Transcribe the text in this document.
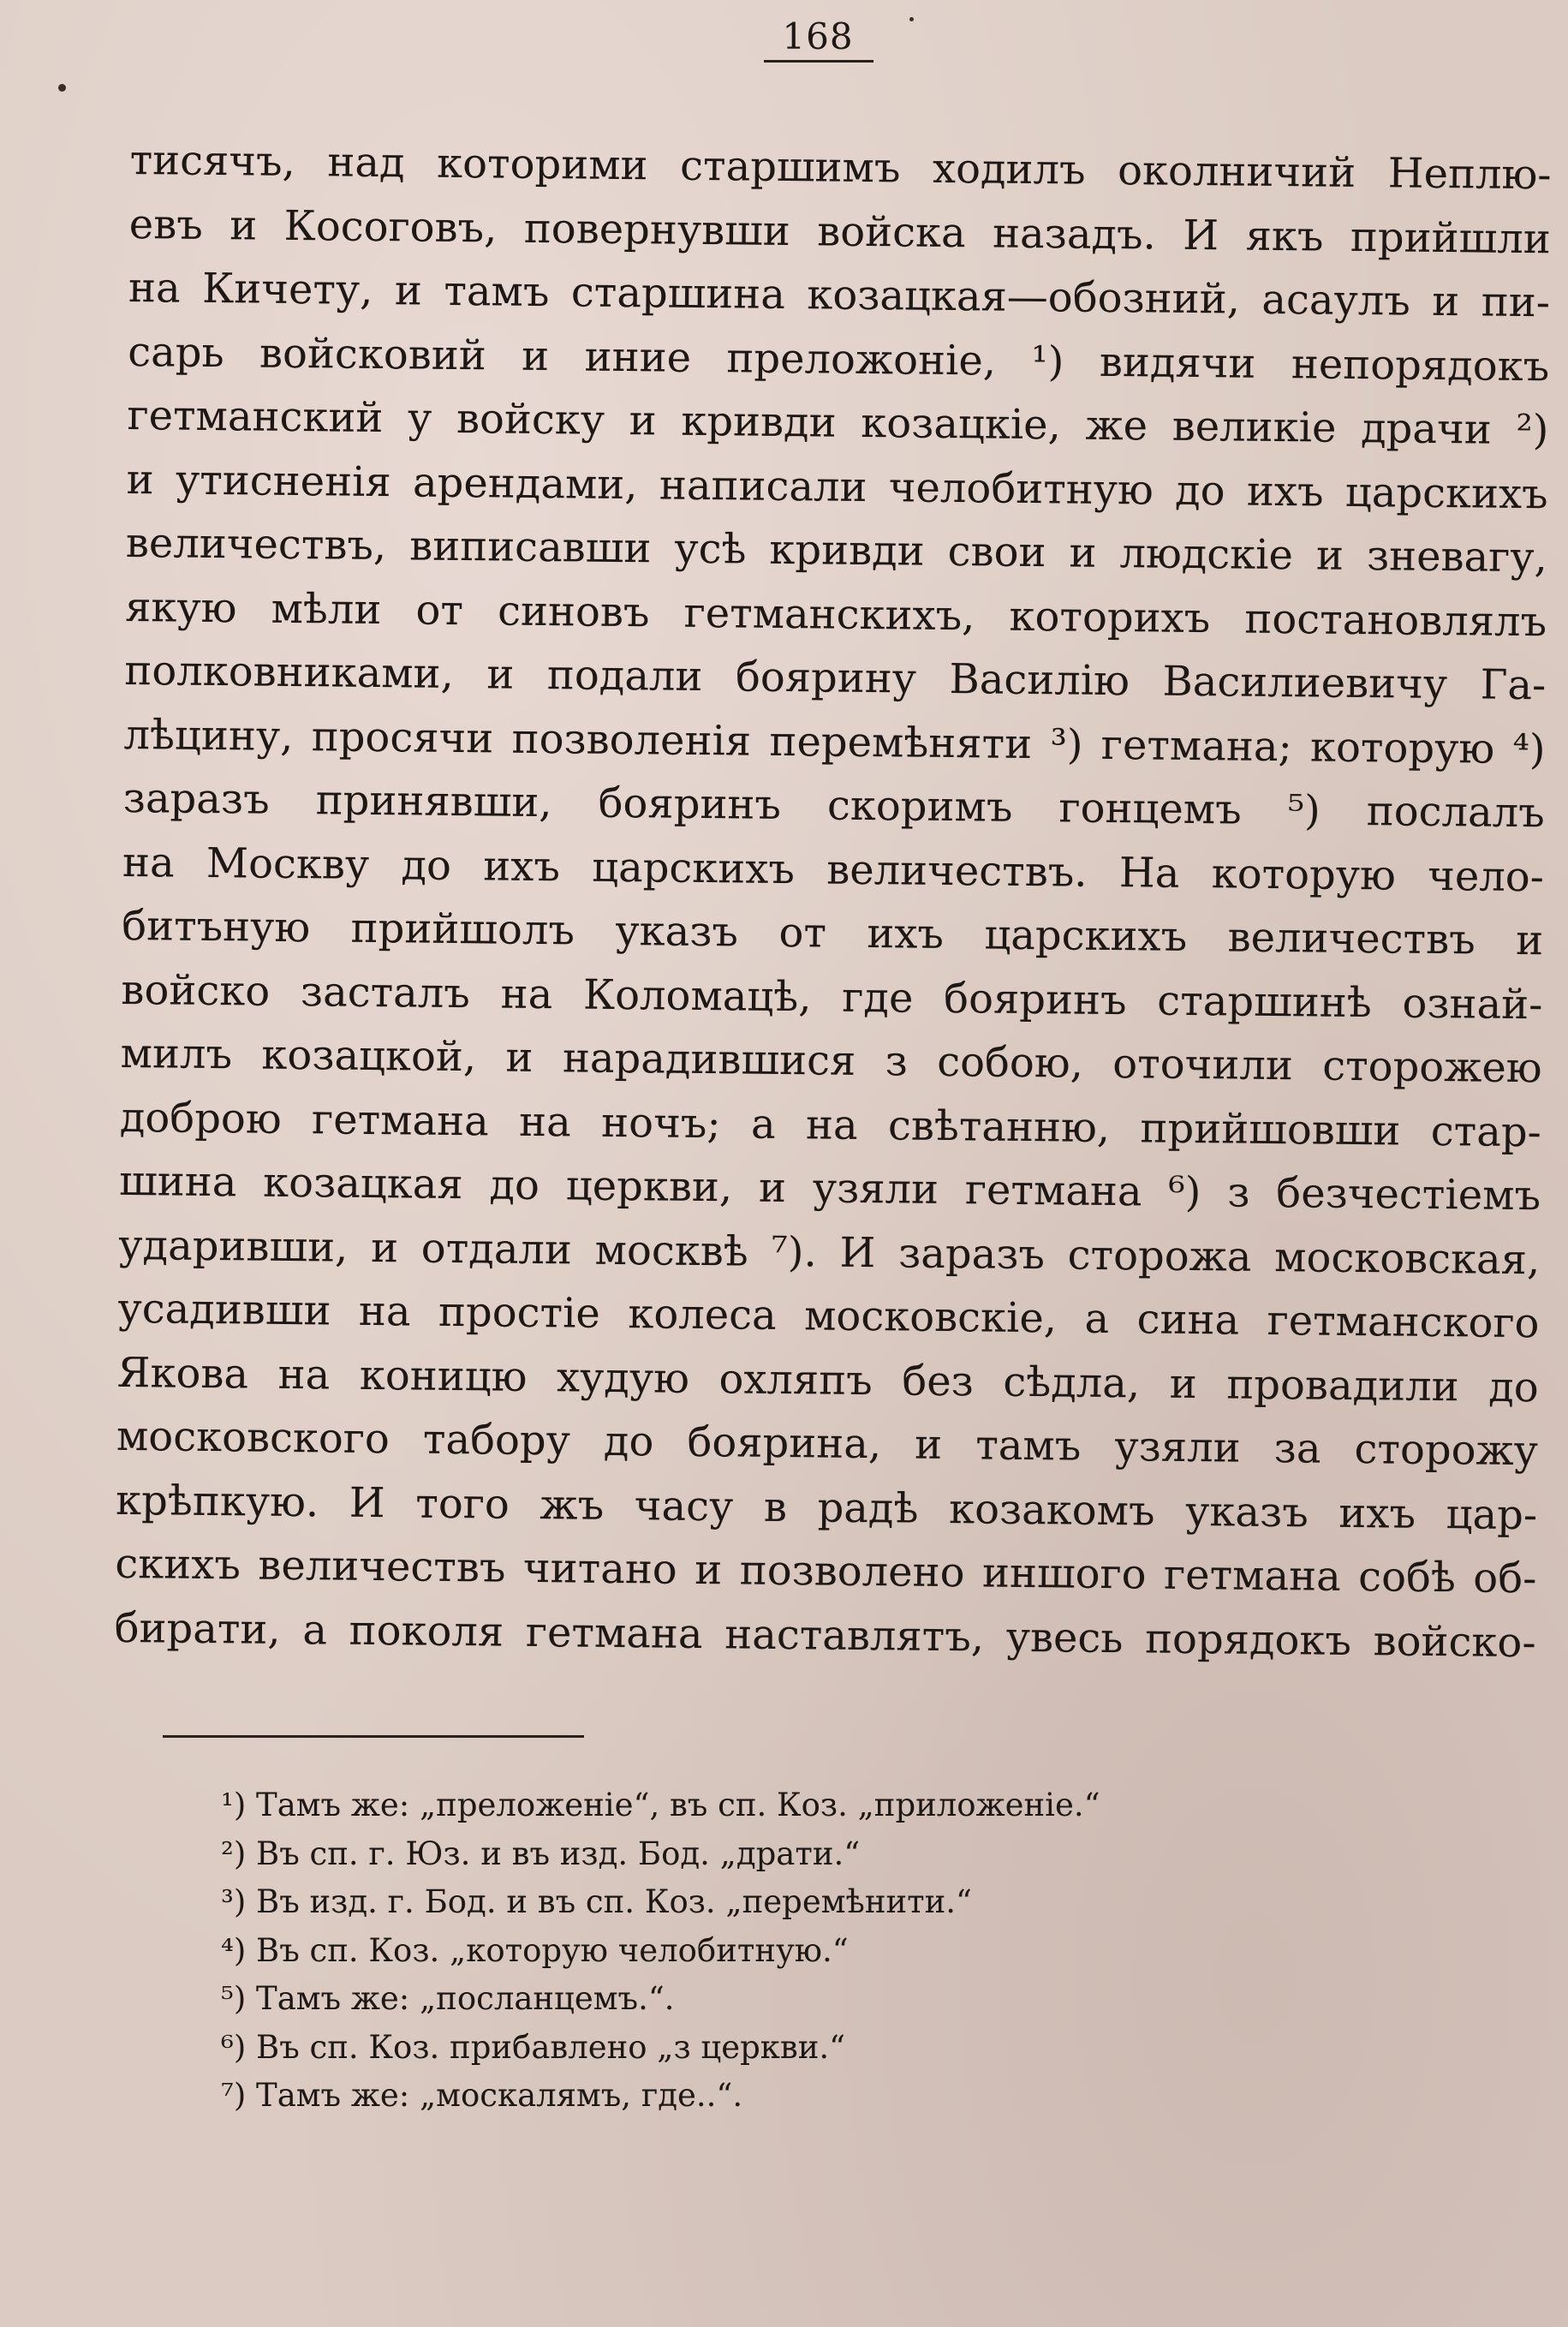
168
тисячъ, над которими старшимъ ходилъ околничий Неплю-
евъ и Косоговъ, повернувши войска назадъ. И якъ прийшли
на Кичету, и тамъ старшина козацкая—обозний, асаулъ и пи-
сарь войсковий и иние преложоніе, ¹) видячи непорядокъ
гетманский у войску и кривди козацкіе, же великіе драчи ²)
и утисненія арендами, написали челобитную до ихъ царскихъ
величествъ, виписавши усѣ кривди свои и людскіе и зневагу,
якую мѣли от синовъ гетманскихъ, которихъ постановлялъ
полковниками, и подали боярину Василію Василиевичу Га-
лѣцину, просячи позволенія перемѣняти ³) гетмана; которую ⁴)
заразъ принявши, бояринъ скоримъ гонцемъ ⁵) послалъ
на Москву до ихъ царскихъ величествъ. На которую чело-
битъную прийшолъ указъ от ихъ царскихъ величествъ и
войско засталъ на Коломацѣ, где бояринъ старшинѣ ознай-
милъ козацкой, и нарадившися з собою, оточили сторожею
доброю гетмана на ночъ; а на свѣтанню, прийшовши стар-
шина козацкая до церкви, и узяли гетмана ⁶) з безчестіемъ
ударивши, и отдали москвѣ ⁷). И заразъ сторожа московская,
усадивши на простіе колеса московскіе, а сина гетманского
Якова на коницю худую охляпъ без сѣдла, и провадили до
московского табору до боярина, и тамъ узяли за сторожу
крѣпкую. И того жъ часу в радѣ козакомъ указъ ихъ цар-
скихъ величествъ читано и позволено иншого гетмана собѣ об-
бирати, а поколя гетмана наставлятъ, увесь порядокъ войско-
¹) Тамъ же: „преложеніе“, въ сп. Коз. „приложеніе.“
²) Въ сп. г. Юз. и въ изд. Бод. „драти.“
³) Въ изд. г. Бод. и въ сп. Коз. „перемѣнити.“
⁴) Въ сп. Коз. „которую челобитную.“
⁵) Тамъ же: „посланцемъ.“.
⁶) Въ сп. Коз. прибавлено „з церкви.“
⁷) Тамъ же: „москалямъ, где..“.
